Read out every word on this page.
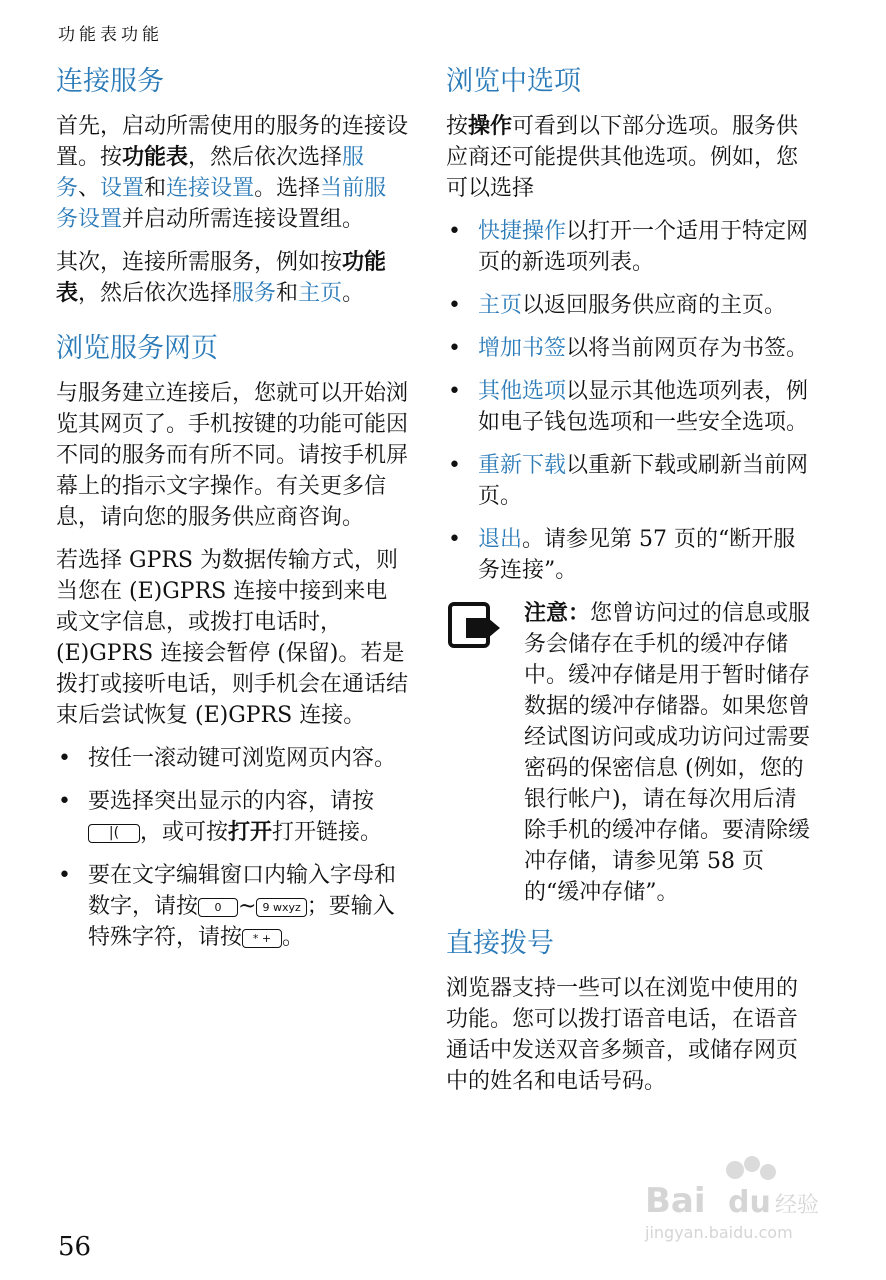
功能表功能
连接服务

首先，启动所需使用的服务的连接设置。按功能表，然后依次选择服务、设置和连接设置。选择当前服务设置并启动所需连接设置组。

其次，连接所需服务，例如按功能表，然后依次选择服务和主页。

浏览服务网页

与服务建立连接后，您就可以开始浏览其网页了。手机按键的功能可能因不同的服务而有所不同。请按手机屏幕上的指示文字操作。有关更多信息，请向您的服务供应商咨询。

若选择 GPRS 为数据传输方式，则当您在 (E)GPRS 连接中接到来电或文字信息，或拨打电话时，(E)GPRS 连接会暂停 (保留)。若是拨打或接听电话，则手机会在通话结束后尝试恢复 (E)GPRS 连接。

• 按任一滚动键可浏览网页内容。
• 要选择突出显示的内容，请按|( ，或可按打开打开链接。
• 要在文字编辑窗口内输入字母和数字，请按 0 ~ 9 wxyz ；要输入特殊字符，请按 * + 。
浏览中选项

按操作可看到以下部分选项。服务供应商还可能提供其他选项。例如，您可以选择

• 快捷操作以打开一个适用于特定网页的新选项列表。
• 主页以返回服务供应商的主页。
• 增加书签以将当前网页存为书签。
• 其他选项以显示其他选项列表，例如电子钱包选项和一些安全选项。
• 重新下载以重新下载或刷新当前网页。
• 退出。请参见第 57 页的“断开服务连接”。

注意：您曾访问过的信息或服务会储存在手机的缓冲存储中。缓冲存储是用于暂时储存数据的缓冲存储器。如果您曾经试图访问或成功访问过需要密码的保密信息 (例如，您的银行帐户)，请在每次用后清除手机的缓冲存储。要清除缓冲存储，请参见第 58 页的“缓冲存储”。

直接拨号

浏览器支持一些可以在浏览中使用的功能。您可以拨打语音电话，在语音通话中发送双音多频音，或储存网页中的姓名和电话号码。

56
Bai du 经验
jingyan.baidu.com
